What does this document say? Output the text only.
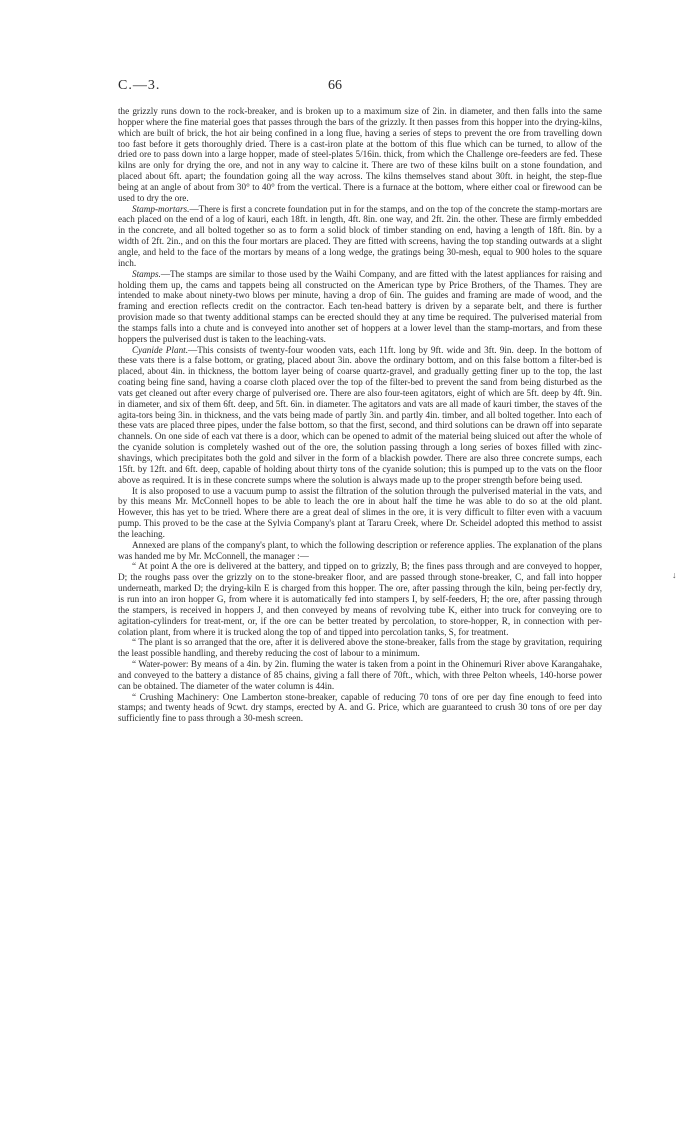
C.—3.	66

the grizzly runs down to the rock-breaker, and is broken up to a maximum size of 2in. in diameter, and then falls into the same hopper where the fine material goes that passes through the bars of the grizzly. It then passes from this hopper into the drying-kilns, which are built of brick, the hot air being confined in a long flue, having a series of steps to prevent the ore from travelling down too fast before it gets thoroughly dried. There is a cast-iron plate at the bottom of this flue which can be turned, to allow of the dried ore to pass down into a large hopper, made of steel-plates 5/16in. thick, from which the Challenge ore-feeders are fed. These kilns are only for drying the ore, and not in any way to calcine it. There are two of these kilns built on a stone foundation, and placed about 6ft. apart; the foundation going all the way across. The kilns themselves stand about 30ft. in height, the step-flue being at an angle of about from 30° to 40° from the vertical. There is a furnace at the bottom, where either coal or firewood can be used to dry the ore.

Stamp-mortars.—There is first a concrete foundation put in for the stamps, and on the top of the concrete the stamp-mortars are each placed on the end of a log of kauri, each 18ft. in length, 4ft. 8in. one way, and 2ft. 2in. the other. These are firmly embedded in the concrete, and all bolted together so as to form a solid block of timber standing on end, having a length of 18ft. 8in. by a width of 2ft. 2in., and on this the four mortars are placed. They are fitted with screens, having the top standing outwards at a slight angle, and held to the face of the mortars by means of a long wedge, the gratings being 30-mesh, equal to 900 holes to the square inch.

Stamps.—The stamps are similar to those used by the Waihi Company, and are fitted with the latest appliances for raising and holding them up, the cams and tappets being all constructed on the American type by Price Brothers, of the Thames. They are intended to make about ninety-two blows per minute, having a drop of 6in. The guides and framing are made of wood, and the framing and erection reflects credit on the contractor. Each ten-head battery is driven by a separate belt, and there is further provision made so that twenty additional stamps can be erected should they at any time be required. The pulverised material from the stamps falls into a chute and is conveyed into another set of hoppers at a lower level than the stamp-mortars, and from these hoppers the pulverised dust is taken to the leaching-vats.

Cyanide Plant.—This consists of twenty-four wooden vats, each 11ft. long by 9ft. wide and 3ft. 9in. deep. In the bottom of these vats there is a false bottom, or grating, placed about 3in. above the ordinary bottom, and on this false bottom a filter-bed is placed, about 4in. in thickness, the bottom layer being of coarse quartz-gravel, and gradually getting finer up to the top, the last coating being fine sand, having a coarse cloth placed over the top of the filter-bed to prevent the sand from being disturbed as the vats get cleaned out after every charge of pulverised ore. There are also four-teen agitators, eight of which are 5ft. deep by 4ft. 9in. in diameter, and six of them 6ft. deep, and 5ft. 6in. in diameter. The agitators and vats are all made of kauri timber, the staves of the agita-tors being 3in. in thickness, and the vats being made of partly 3in. and partly 4in. timber, and all bolted together. Into each of these vats are placed three pipes, under the false bottom, so that the first, second, and third solutions can be drawn off into separate channels. On one side of each vat there is a door, which can be opened to admit of the material being sluiced out after the whole of the cyanide solution is completely washed out of the ore, the solution passing through a long series of boxes filled with zinc-shavings, which precipitates both the gold and silver in the form of a blackish powder. There are also three concrete sumps, each 15ft. by 12ft. and 6ft. deep, capable of holding about thirty tons of the cyanide solution; this is pumped up to the vats on the floor above as required. It is in these concrete sumps where the solution is always made up to the proper strength before being used.

It is also proposed to use a vacuum pump to assist the filtration of the solution through the pulverised material in the vats, and by this means Mr. McConnell hopes to be able to leach the ore in about half the time he was able to do so at the old plant. However, this has yet to be tried. Where there are a great deal of slimes in the ore, it is very difficult to filter even with a vacuum pump. This proved to be the case at the Sylvia Company's plant at Tararu Creek, where Dr. Scheidel adopted this method to assist the leaching.

Annexed are plans of the company's plant, to which the following description or reference applies. The explanation of the plans was handed me by Mr. McConnell, the manager :—

“ At point A the ore is delivered at the battery, and tipped on to grizzly, B; the fines pass through and are conveyed to hopper, D; the roughs pass over the grizzly on to the stone-breaker floor, and are passed through stone-breaker, C, and fall into hopper underneath, marked D; the drying-kiln E is charged from this hopper. The ore, after passing through the kiln, being per-fectly dry, is run into an iron hopper G, from where it is automatically fed into stampers I, by self-feeders, H; the ore, after passing through the stampers, is received in hoppers J, and then conveyed by means of revolving tube K, either into truck for conveying ore to agitation-cylinders for treat-ment, or, if the ore can be better treated by percolation, to store-hopper, R, in connection with per-colation plant, from where it is trucked along the top of and tipped into percolation tanks, S, for treatment.

“ The plant is so arranged that the ore, after it is delivered above the stone-breaker, falls from the stage by gravitation, requiring the least possible handling, and thereby reducing the cost of labour to a minimum.

“ Water-power: By means of a 4in. by 2in. fluming the water is taken from a point in the Ohinemuri River above Karangahake, and conveyed to the battery a distance of 85 chains, giving a fall there of 70ft., which, with three Pelton wheels, 140-horse power can be obtained. The diameter of the water column is 44in.

“ Crushing Machinery: One Lamberton stone-breaker, capable of reducing 70 tons of ore per day fine enough to feed into stamps; and twenty heads of 9cwt. dry stamps, erected by A. and G. Price, which are guaranteed to crush 30 tons of ore per day sufficiently fine to pass through a 30-mesh screen.

↓
